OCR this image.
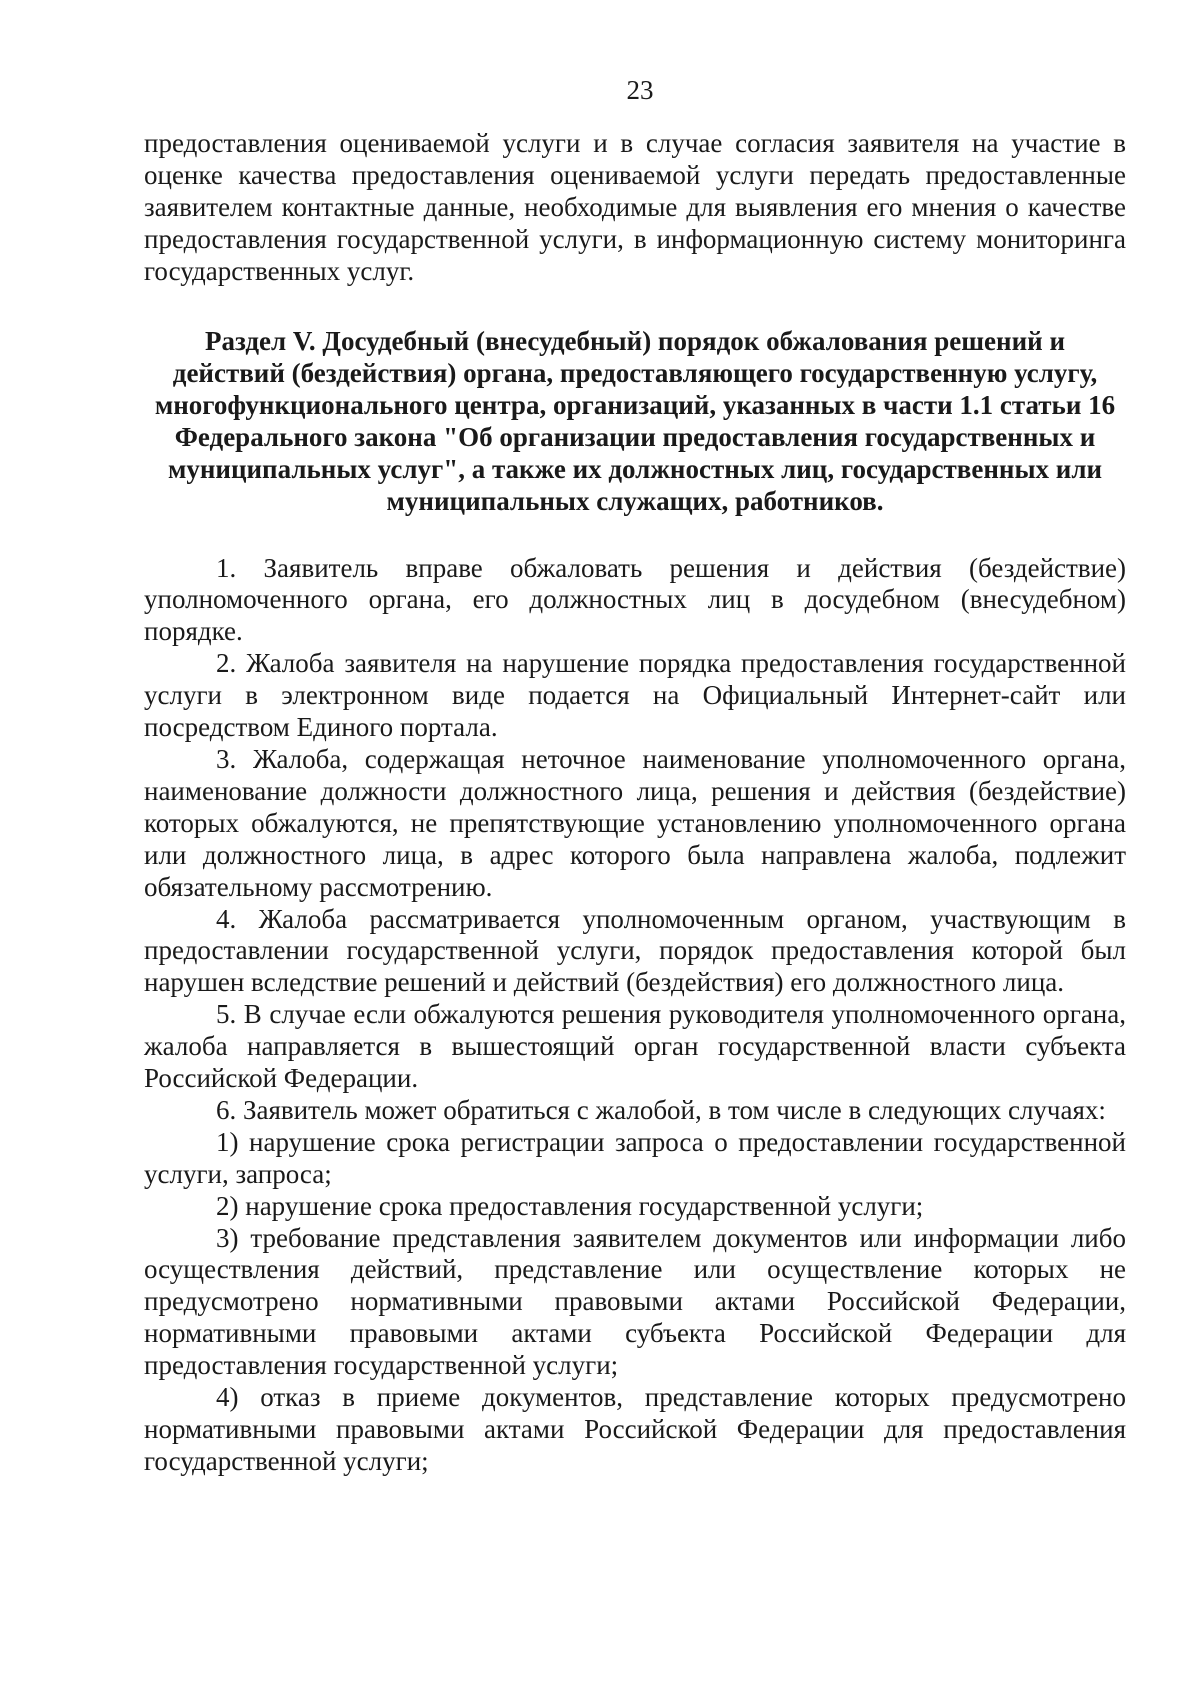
23

предоставления оцениваемой услуги и в случае согласия заявителя на участие в оценке качества предоставления оцениваемой услуги передать предоставленные заявителем контактные данные, необходимые для выявления его мнения о качестве предоставления государственной услуги, в информационную систему мониторинга государственных услуг.

Раздел V. Досудебный (внесудебный) порядок обжалования решений и действий (бездействия) органа, предоставляющего государственную услугу, многофункционального центра, организаций, указанных в части 1.1 статьи 16 Федерального закона "Об организации предоставления государственных и муниципальных услуг", а также их должностных лиц, государственных или муниципальных служащих, работников.

1. Заявитель вправе обжаловать решения и действия (бездействие) уполномоченного органа, его должностных лиц в досудебном (внесудебном) порядке.

2. Жалоба заявителя на нарушение порядка предоставления государственной услуги в электронном виде подается на Официальный Интернет-сайт или посредством Единого портала.

3. Жалоба, содержащая неточное наименование уполномоченного органа, наименование должности должностного лица, решения и действия (бездействие) которых обжалуются, не препятствующие установлению уполномоченного органа или должностного лица, в адрес которого была направлена жалоба, подлежит обязательному рассмотрению.

4. Жалоба рассматривается уполномоченным органом, участвующим в предоставлении государственной услуги, порядок предоставления которой был нарушен вследствие решений и действий (бездействия) его должностного лица.

5. В случае если обжалуются решения руководителя уполномоченного органа, жалоба направляется в вышестоящий орган государственной власти субъекта Российской Федерации.

6. Заявитель может обратиться с жалобой, в том числе в следующих случаях:

1) нарушение срока регистрации запроса о предоставлении государственной услуги, запроса;

2) нарушение срока предоставления государственной услуги;

3) требование представления заявителем документов или информации либо осуществления действий, представление или осуществление которых не предусмотрено нормативными правовыми актами Российской Федерации, нормативными правовыми актами субъекта Российской Федерации для предоставления государственной услуги;

4) отказ в приеме документов, представление которых предусмотрено нормативными правовыми актами Российской Федерации для предоставления государственной услуги;
